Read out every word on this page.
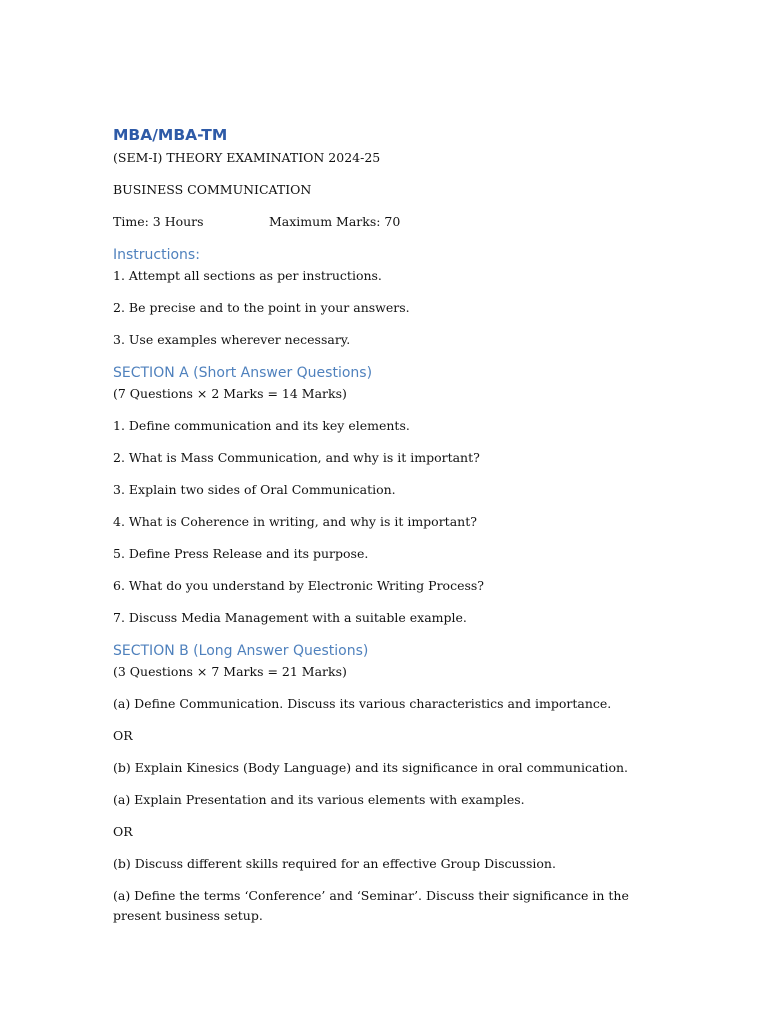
MBA/MBA-TM
(SEM-I) THEORY EXAMINATION 2024-25
BUSINESS COMMUNICATION
Time: 3 Hours	Maximum Marks: 70
Instructions:
1. Attempt all sections as per instructions.
2. Be precise and to the point in your answers.
3. Use examples wherever necessary.
SECTION A (Short Answer Questions)
(7 Questions × 2 Marks = 14 Marks)
1. Define communication and its key elements.
2. What is Mass Communication, and why is it important?
3. Explain two sides of Oral Communication.
4. What is Coherence in writing, and why is it important?
5. Define Press Release and its purpose.
6. What do you understand by Electronic Writing Process?
7. Discuss Media Management with a suitable example.
SECTION B (Long Answer Questions)
(3 Questions × 7 Marks = 21 Marks)
(a) Define Communication. Discuss its various characteristics and importance.
OR
(b) Explain Kinesics (Body Language) and its significance in oral communication.
(a) Explain Presentation and its various elements with examples.
OR
(b) Discuss different skills required for an effective Group Discussion.
(a) Define the terms ‘Conference’ and ‘Seminar’. Discuss their significance in the present business setup.
